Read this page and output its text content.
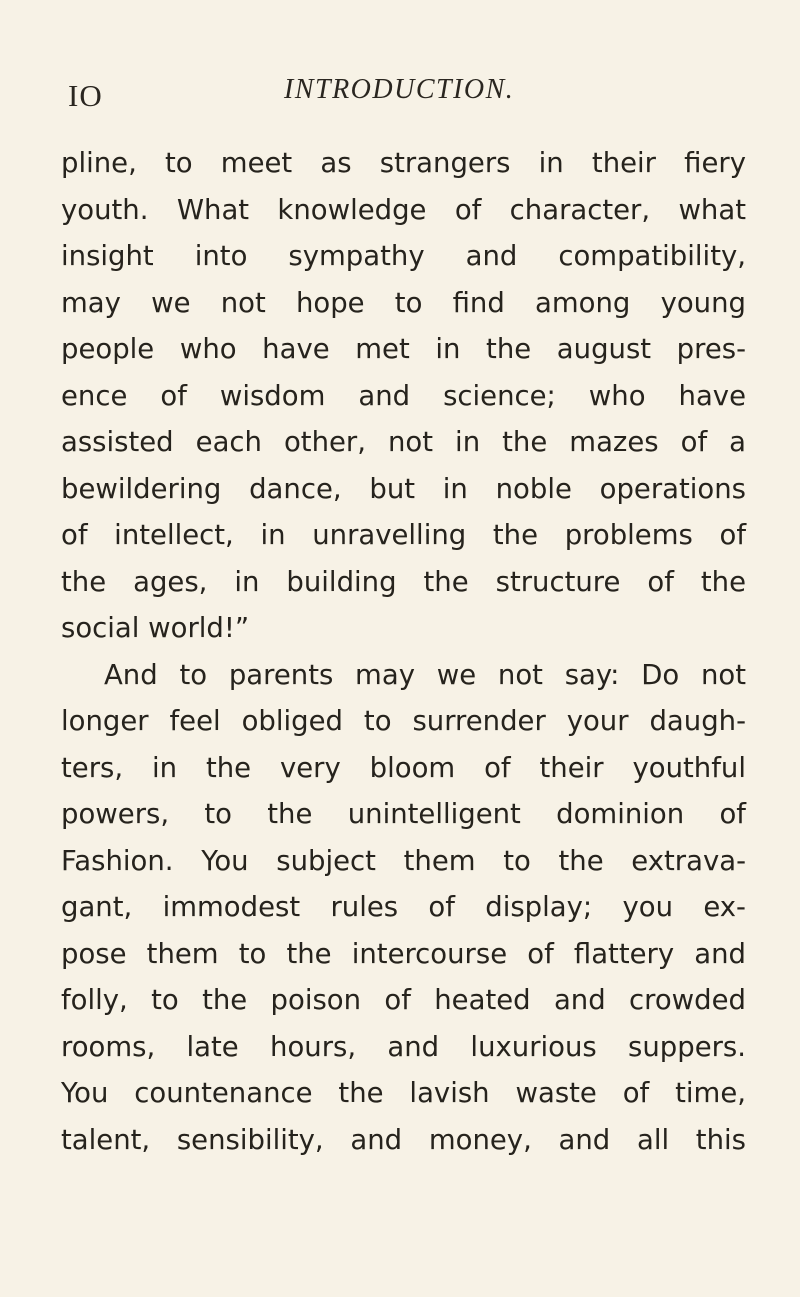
IO	INTRODUCTION.
pline, to meet as strangers in their fiery
youth. What knowledge of character, what
insight into sympathy and compatibility,
may we not hope to find among young
people who have met in the august pres-
ence of wisdom and science; who have
assisted each other, not in the mazes of a
bewildering dance, but in noble operations
of intellect, in unravelling the problems of
the ages, in building the structure of the
social world!”
And to parents may we not say: Do not
longer feel obliged to surrender your daugh-
ters, in the very bloom of their youthful
powers, to the unintelligent dominion of
Fashion. You subject them to the extrava-
gant, immodest rules of display; you ex-
pose them to the intercourse of flattery and
folly, to the poison of heated and crowded
rooms, late hours, and luxurious suppers.
You countenance the lavish waste of time,
talent, sensibility, and money, and all this
